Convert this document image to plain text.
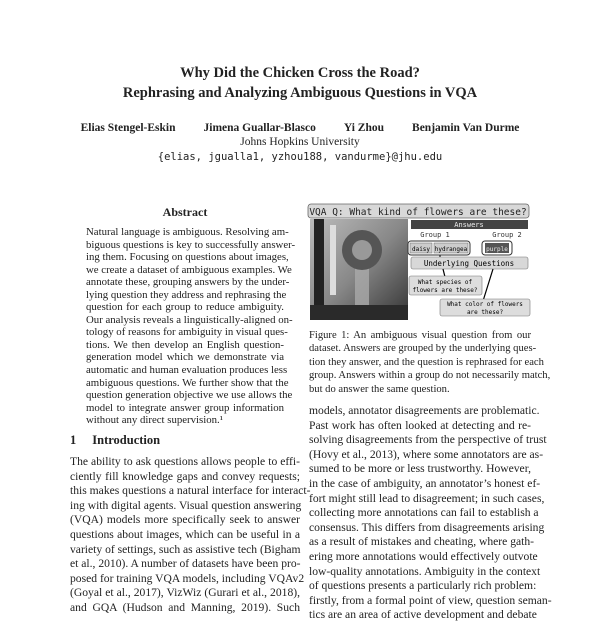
Why Did the Chicken Cross the Road?
Rephrasing and Analyzing Ambiguous Questions in VQA
Elias Stengel-Eskin Jimena Guallar-Blasco Yi Zhou Benjamin Van Durme
Johns Hopkins University
{elias, jgualla1, yzhou188, vandurme}@jhu.edu
Abstract
Natural language is ambiguous. Resolving am-
biguous questions is key to successfully answer-
ing them. Focusing on questions about images,
we create a dataset of ambiguous examples. We
annotate these, grouping answers by the under-
lying question they address and rephrasing the
question for each group to reduce ambiguity.
Our analysis reveals a linguistically-aligned on-
tology of reasons for ambiguity in visual ques-
tions. We then develop an English question-
generation model which we demonstrate via
automatic and human evaluation produces less
ambiguous questions. We further show that the
question generation objective we use allows the
model to integrate answer group information
without any direct supervision.¹
1 Introduction
The ability to ask questions allows people to effi-
ciently fill knowledge gaps and convey requests;
this makes questions a natural interface for interact-
ing with digital agents. Visual question answering
(VQA) models more specifically seek to answer
questions about images, which can be useful in a
variety of settings, such as assistive tech (Bigham
et al., 2010). A number of datasets have been pro-
posed for training VQA models, including VQAv2
(Goyal et al., 2017), VizWiz (Gurari et al., 2018),
and GQA (Hudson and Manning, 2019). Such
VQA Q: What kind of flowers are these?
Answers
Group 1	Group 2
daisy hydrangea	purple
Underlying Questions
What species of
flowers are these?
What color of flowers
are these?
Figure 1: An ambiguous visual question from our
dataset. Answers are grouped by the underlying ques-
tion they answer, and the question is rephrased for each
group. Answers within a group do not necessarily match,
but do answer the same question.
models, annotator disagreements are problematic.
Past work has often looked at detecting and re-
solving disagreements from the perspective of trust
(Hovy et al., 2013), where some annotators are as-
sumed to be more or less trustworthy. However,
in the case of ambiguity, an annotator’s honest ef-
fort might still lead to disagreement; in such cases,
collecting more annotations can fail to establish a
consensus. This differs from disagreements arising
as a result of mistakes and cheating, where gath-
ering more annotations would effectively outvote
low-quality annotations. Ambiguity in the context
of questions presents a particularly rich problem:
firstly, from a formal point of view, question seman-
tics are an area of active development and debate
